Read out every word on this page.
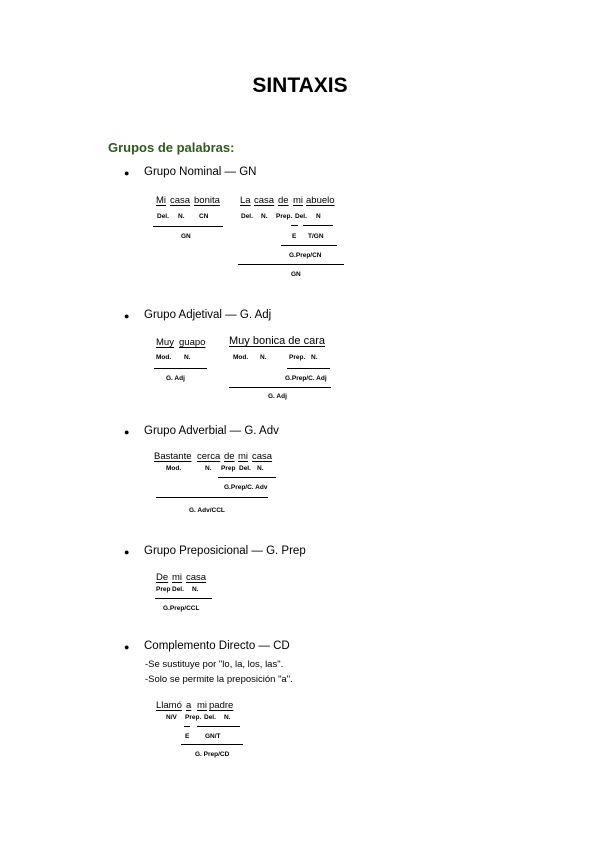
SINTAXIS
Grupos de palabras:
● Grupo Nominal — GN
Mi casa bonita
Del. N. CN
GN
La casa de mi abuelo
Del. N. Prep. Del. N
E T/GN
G.Prep/CN
GN
● Grupo Adjetival — G. Adj
Muy guapo
Mod. N.
G. Adj
Muy bonica de cara
Mod. N.	Prep. N.
G.Prep/C. Adj
G. Adj
● Grupo Adverbial — G. Adv
Bastante cerca de mi casa
Mod.	N. Prep Del. N.
G.Prep/C. Adv
G. Adv/CCL
● Grupo Preposicional — G. Prep
De mi casa
Prep Del. N.
G.Prep/CCL
● Complemento Directo — CD
-Se sustituye por "lo, la, los, las".
-Solo se permite la preposición "a".
Llamó a mi padre
N/V Prep. Del. N.
E GN/T
G. Prep/CD
